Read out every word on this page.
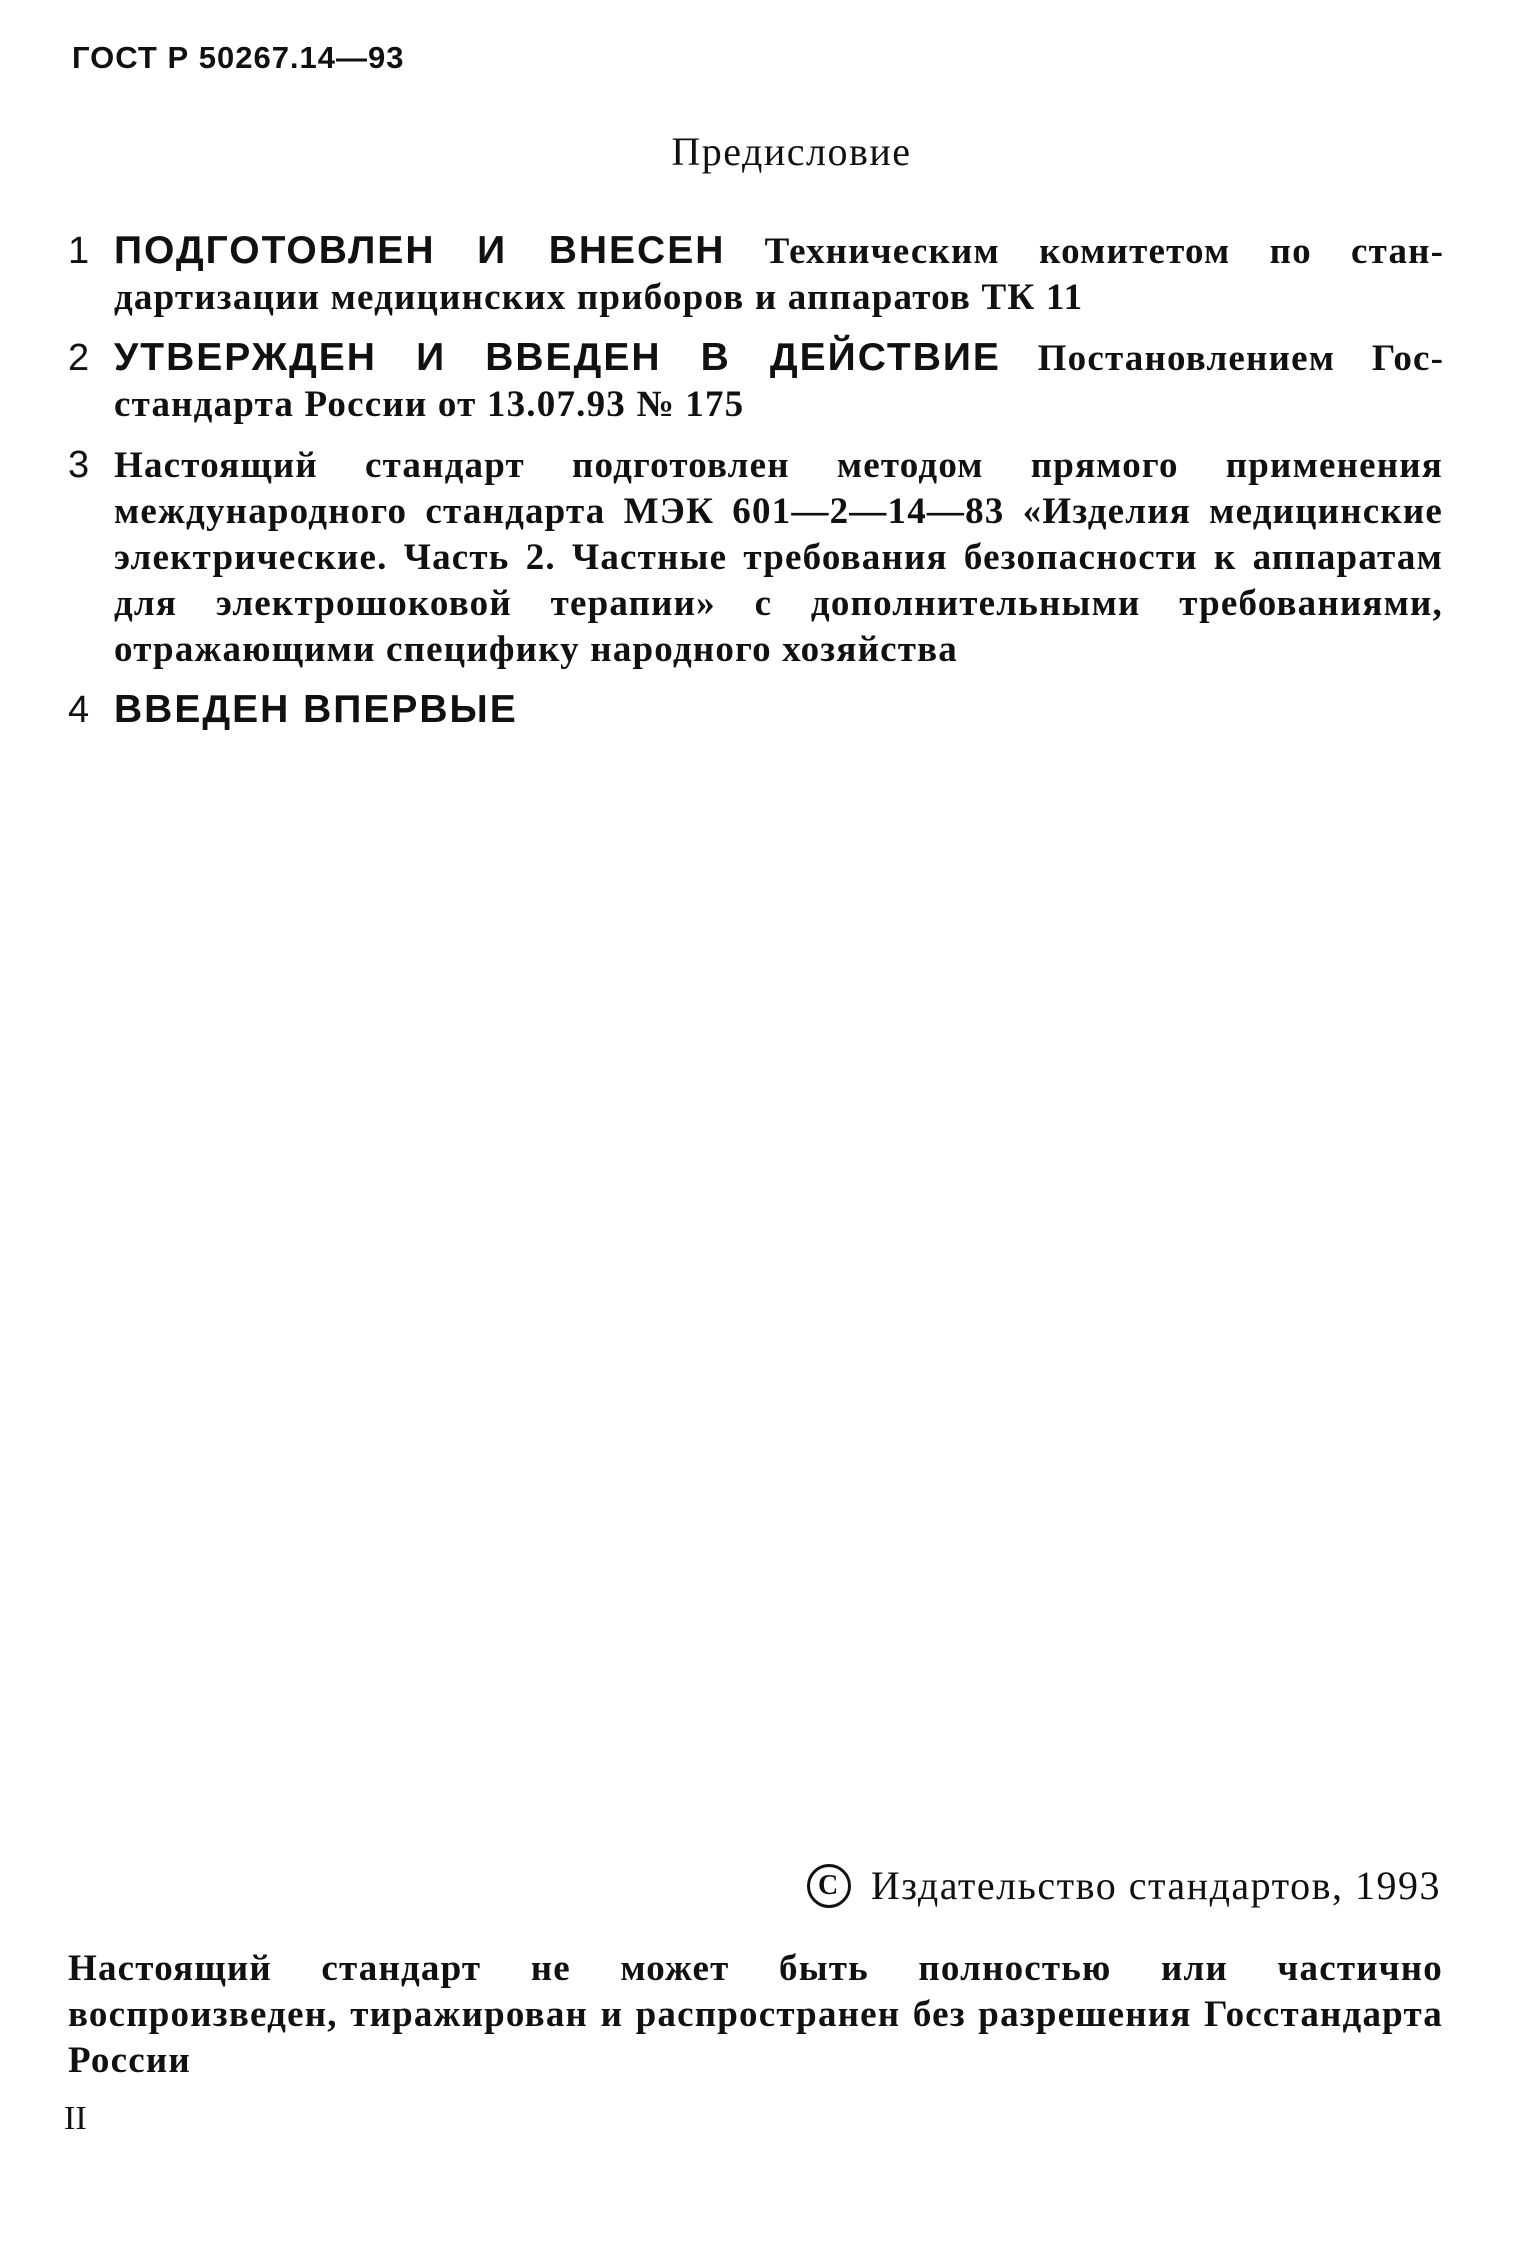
ГОСТ Р 50267.14—93
Предисловие
1 ПОДГОТОВЛЕН И ВНЕСЕН Техническим комитетом по стандартизации медицинских приборов и аппаратов ТК 11
2 УТВЕРЖДЕН И ВВЕДЕН В ДЕЙСТВИЕ Постановлением Госстандарта России от 13.07.93 № 175
3 Настоящий стандарт подготовлен методом прямого применения международного стандарта МЭК 601—2—14—83 «Изделия медицинские электрические. Часть 2. Частные требования безопасности к аппаратам для электрошоковой терапии» с дополнительными требованиями, отражающими специфику народного хозяйства
4 ВВЕДЕН ВПЕРВЫЕ
C Издательство стандартов, 1993
Настоящий стандарт не может быть полностью или частично воспроизведен, тиражирован и распространен без разрешения Госстандарта России
II
